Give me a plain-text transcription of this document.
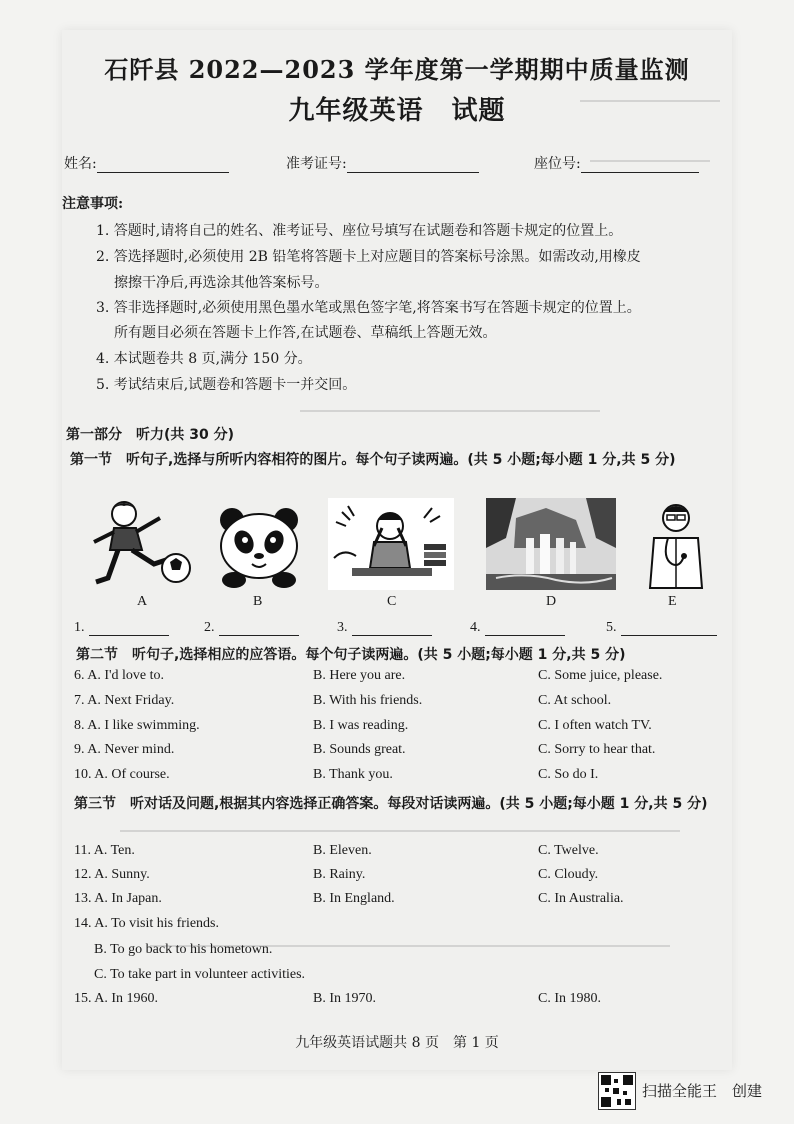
石阡县 2022—2023 学年度第一学期期中质量监测
九年级英语 试题
姓名:	准考证号:	座位号:
注意事项:
1. 答题时,请将自己的姓名、准考证号、座位号填写在试题卷和答题卡规定的位置上。
2. 答选择题时,必须使用 2B 铅笔将答题卡上对应题目的答案标号涂黑。如需改动,用橡皮
擦擦干净后,再选涂其他答案标号。
3. 答非选择题时,必须使用黑色墨水笔或黑色签字笔,将答案书写在答题卡规定的位置上。
所有题目必须在答题卡上作答,在试题卷、草稿纸上答题无效。
4. 本试题卷共 8 页,满分 150 分。
5. 考试结束后,试题卷和答题卡一并交回。
第一部分　听力(共 30 分)
第一节　听句子,选择与所听内容相符的图片。每个句子读两遍。(共 5 小题;每小题 1 分,共 5 分)
A	B	C	D	E
1.	2.	3.	4.	5.
第二节　听句子,选择相应的应答语。每个句子读两遍。(共 5 小题;每小题 1 分,共 5 分)
6. A. I'd love to.	B. Here you are.	C. Some juice, please.
7. A. Next Friday.	B. With his friends.	C. At school.
8. A. I like swimming.	B. I was reading.	C. I often watch TV.
9. A. Never mind.	B. Sounds great.	C. Sorry to hear that.
10. A. Of course.	B. Thank you.	C. So do I.
第三节　听对话及问题,根据其内容选择正确答案。每段对话读两遍。(共 5 小题;每小题 1 分,共 5 分)
11. A. Ten.	B. Eleven.	C. Twelve.
12. A. Sunny.	B. Rainy.	C. Cloudy.
13. A. In Japan.	B. In England.	C. In Australia.
14. A. To visit his friends.
B. To go back to his hometown.
C. To take part in volunteer activities.
15. A. In 1960.	B. In 1970.	C. In 1980.
九年级英语试题共 8 页　第 1 页
扫描全能王　创建
